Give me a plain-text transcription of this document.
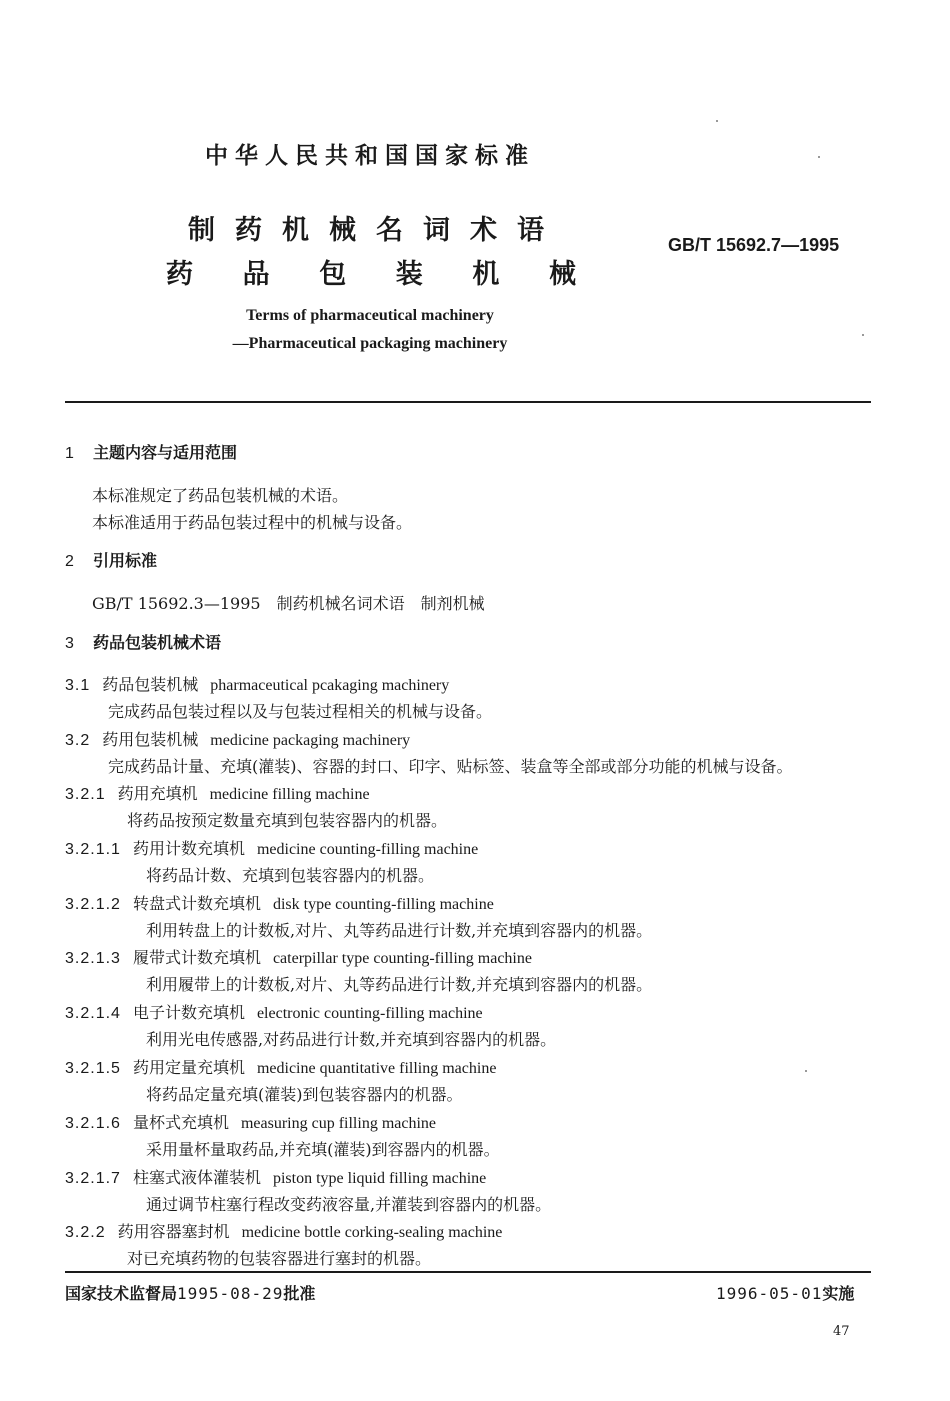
中华人民共和国国家标准
制药机械名词术语
药 品 包 装 机 械
GB/T 15692.7—1995
Terms of pharmaceutical machinery
—Pharmaceutical packaging machinery
1 主题内容与适用范围
本标准规定了药品包装机械的术语。
本标准适用于药品包装过程中的机械与设备。
2 引用标准
GB/T 15692.3—1995　制药机械名词术语　制剂机械
3 药品包装机械术语
3.1 药品包装机械 pharmaceutical pcakaging machinery
完成药品包装过程以及与包装过程相关的机械与设备。
3.2 药用包装机械 medicine packaging machinery
完成药品计量、充填(灌装)、容器的封口、印字、贴标签、装盒等全部或部分功能的机械与设备。
3.2.1 药用充填机 medicine filling machine
将药品按预定数量充填到包装容器内的机器。
3.2.1.1 药用计数充填机 medicine counting-filling machine
将药品计数、充填到包装容器内的机器。
3.2.1.2 转盘式计数充填机 disk type counting-filling machine
利用转盘上的计数板,对片、丸等药品进行计数,并充填到容器内的机器。
3.2.1.3 履带式计数充填机 caterpillar type counting-filling machine
利用履带上的计数板,对片、丸等药品进行计数,并充填到容器内的机器。
3.2.1.4 电子计数充填机 electronic counting-filling machine
利用光电传感器,对药品进行计数,并充填到容器内的机器。
3.2.1.5 药用定量充填机 medicine quantitative filling machine
将药品定量充填(灌装)到包装容器内的机器。
3.2.1.6 量杯式充填机 measuring cup filling machine
采用量杯量取药品,并充填(灌装)到容器内的机器。
3.2.1.7 柱塞式液体灌装机 piston type liquid filling machine
通过调节柱塞行程改变药液容量,并灌装到容器内的机器。
3.2.2 药用容器塞封机 medicine bottle corking-sealing machine
对已充填药物的包装容器进行塞封的机器。
国家技术监督局1995-08-29批准	1996-05-01实施
47
